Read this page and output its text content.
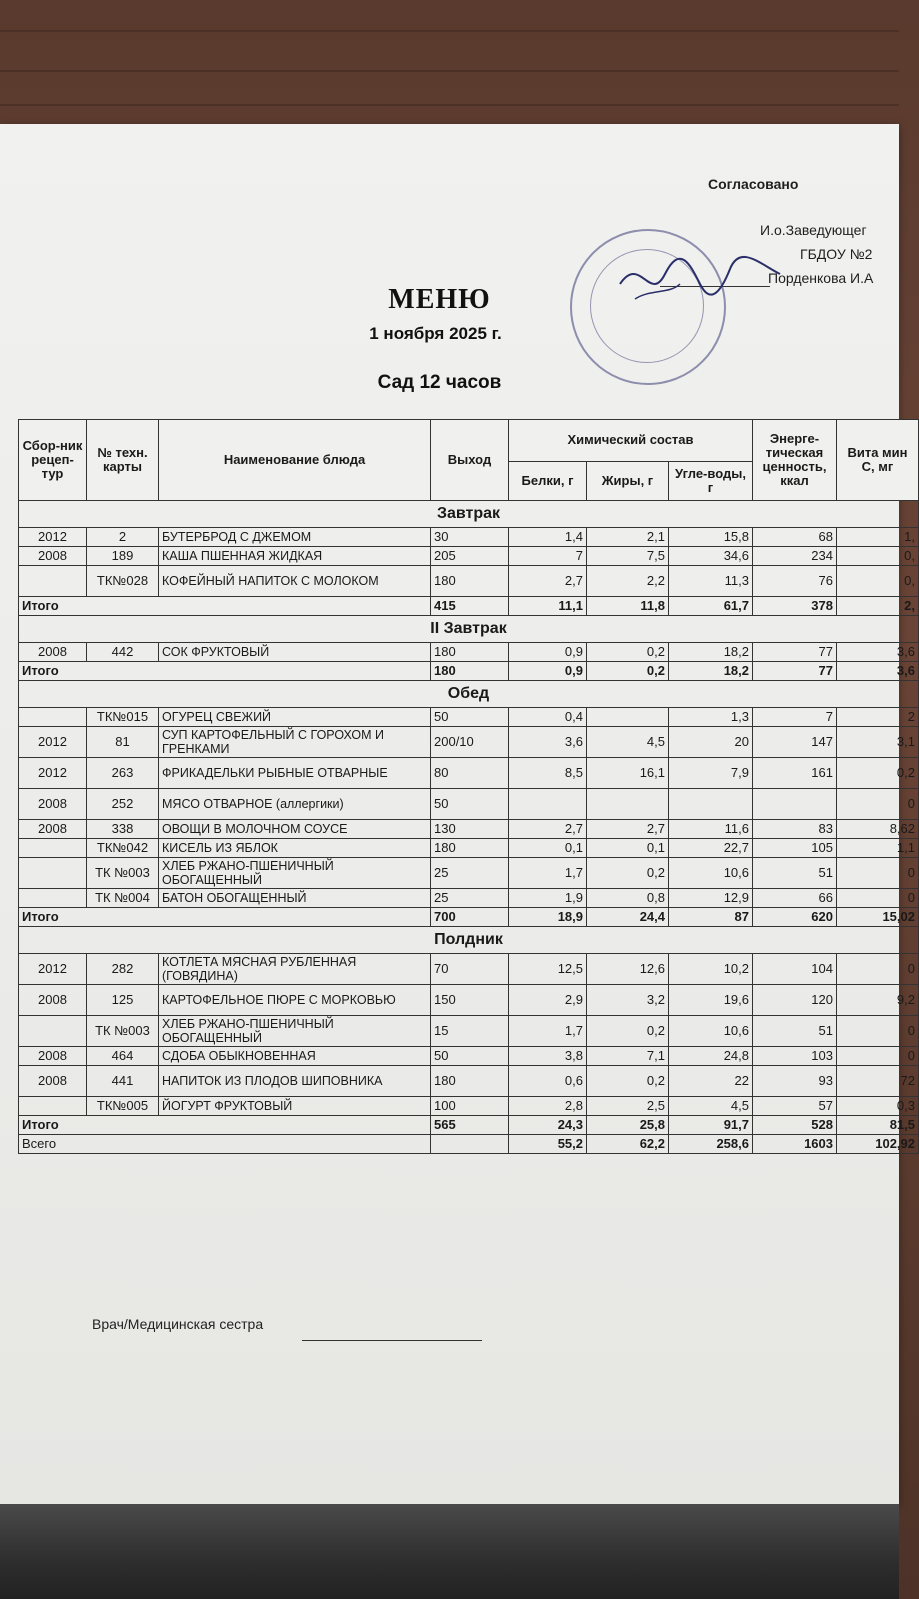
Согласовано
И.о.Заведующег
ГБДОУ №2
Порденкова И.А
МЕНЮ
1 ноября 2025 г.
Сад 12 часов
Сбор-ник рецеп-тур	№ техн. карты	Наименование блюда	Выход	Химический состав			Энерге-тическая ценность, ккал	Вита мин С, мг
				Белки, г	Жиры, г	Угле-воды, г		
Завтрак								
2012	2	БУТЕРБРОД С ДЖЕМОМ	30	1,4	2,1	15,8	68	1,
2008	189	КАША ПШЕННАЯ ЖИДКАЯ	205	7	7,5	34,6	234	0,
	ТК№028	КОФЕЙНЫЙ НАПИТОК С МОЛОКОМ	180	2,7	2,2	11,3	76	0,
Итого			415	11,1	11,8	61,7	378	2,
II Завтрак								
2008	442	СОК ФРУКТОВЫЙ	180	0,9	0,2	18,2	77	3,6
Итого			180	0,9	0,2	18,2	77	3,6
Обед								
	ТК№015	ОГУРЕЦ СВЕЖИЙ	50	0,4		1,3	7	2
2012	81	СУП КАРТОФЕЛЬНЫЙ С ГОРОХОМ И ГРЕНКАМИ	200/10	3,6	4,5	20	147	3,1
2012	263	ФРИКАДЕЛЬКИ РЫБНЫЕ ОТВАРНЫЕ	80	8,5	16,1	7,9	161	0,2
2008	252	МЯСО ОТВАРНОЕ (аллергики)	50					0
2008	338	ОВОЩИ В МОЛОЧНОМ СОУСЕ	130	2,7	2,7	11,6	83	8,62
	ТК№042	КИСЕЛЬ ИЗ ЯБЛОК	180	0,1	0,1	22,7	105	1,1
	ТК №003	ХЛЕБ РЖАНО-ПШЕНИЧНЫЙ ОБОГАЩЕННЫЙ	25	1,7	0,2	10,6	51	0
	ТК №004	БАТОН ОБОГАЩЕННЫЙ	25	1,9	0,8	12,9	66	0
Итого			700	18,9	24,4	87	620	15,02
Полдник								
2012	282	КОТЛЕТА МЯСНАЯ РУБЛЕННАЯ (ГОВЯДИНА)	70	12,5	12,6	10,2	104	0
2008	125	КАРТОФЕЛЬНОЕ ПЮРЕ С МОРКОВЬЮ	150	2,9	3,2	19,6	120	9,2
	ТК №003	ХЛЕБ РЖАНО-ПШЕНИЧНЫЙ ОБОГАЩЕННЫЙ	15	1,7	0,2	10,6	51	0
2008	464	СДОБА ОБЫКНОВЕННАЯ	50	3,8	7,1	24,8	103	0
2008	441	НАПИТОК ИЗ ПЛОДОВ ШИПОВНИКА	180	0,6	0,2	22	93	72
	ТК№005	ЙОГУРТ ФРУКТОВЫЙ	100	2,8	2,5	4,5	57	0,3
Итого			565	24,3	25,8	91,7	528	81,5
Всего				55,2	62,2	258,6	1603	102,92
Врач/Медицинская сестра
